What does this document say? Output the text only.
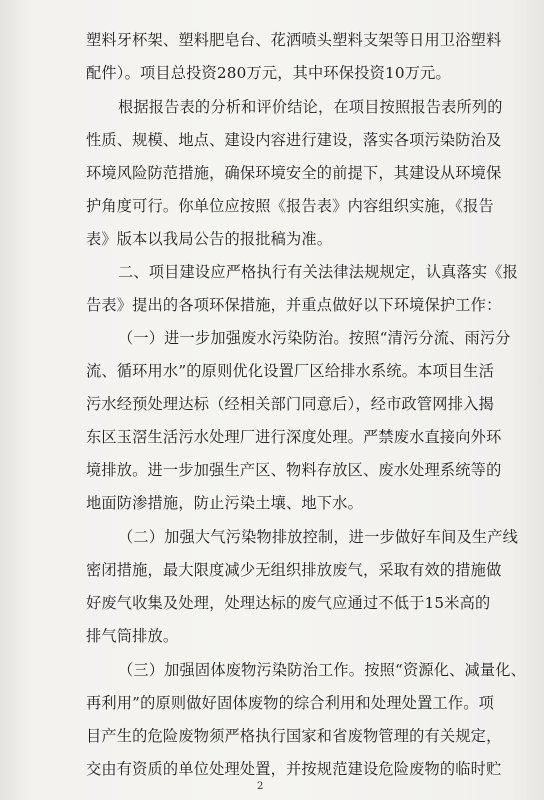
塑料牙杯架、塑料肥皂台、花洒喷头塑料支架等日用卫浴塑料
配件）。项目总投资280万元，其中环保投资10万元。
根据报告表的分析和评价结论，在项目按照报告表所列的
性质、规模、地点、建设内容进行建设，落实各项污染防治及
环境风险防范措施，确保环境安全的前提下，其建设从环境保
护角度可行。你单位应按照《报告表》内容组织实施，《报告
表》版本以我局公告的报批稿为准。
二、项目建设应严格执行有关法律法规规定，认真落实《报
告表》提出的各项环保措施，并重点做好以下环境保护工作：
（一）进一步加强废水污染防治。按照“清污分流、雨污分
流、循环用水”的原则优化设置厂区给排水系统。本项目生活
污水经预处理达标（经相关部门同意后），经市政管网排入揭
东区玉滘生活污水处理厂进行深度处理。严禁废水直接向外环
境排放。进一步加强生产区、物料存放区、废水处理系统等的
地面防渗措施，防止污染土壤、地下水。
（二）加强大气污染物排放控制，进一步做好车间及生产线
密闭措施，最大限度减少无组织排放废气，采取有效的措施做
好废气收集及处理，处理达标的废气应通过不低于15米高的
排气筒排放。
（三）加强固体废物污染防治工作。按照“资源化、减量化、
再利用”的原则做好固体废物的综合利用和处理处置工作。项
目产生的危险废物须严格执行国家和省废物管理的有关规定，
交由有资质的单位处理处置，并按规范建设危险废物的临时贮
2
